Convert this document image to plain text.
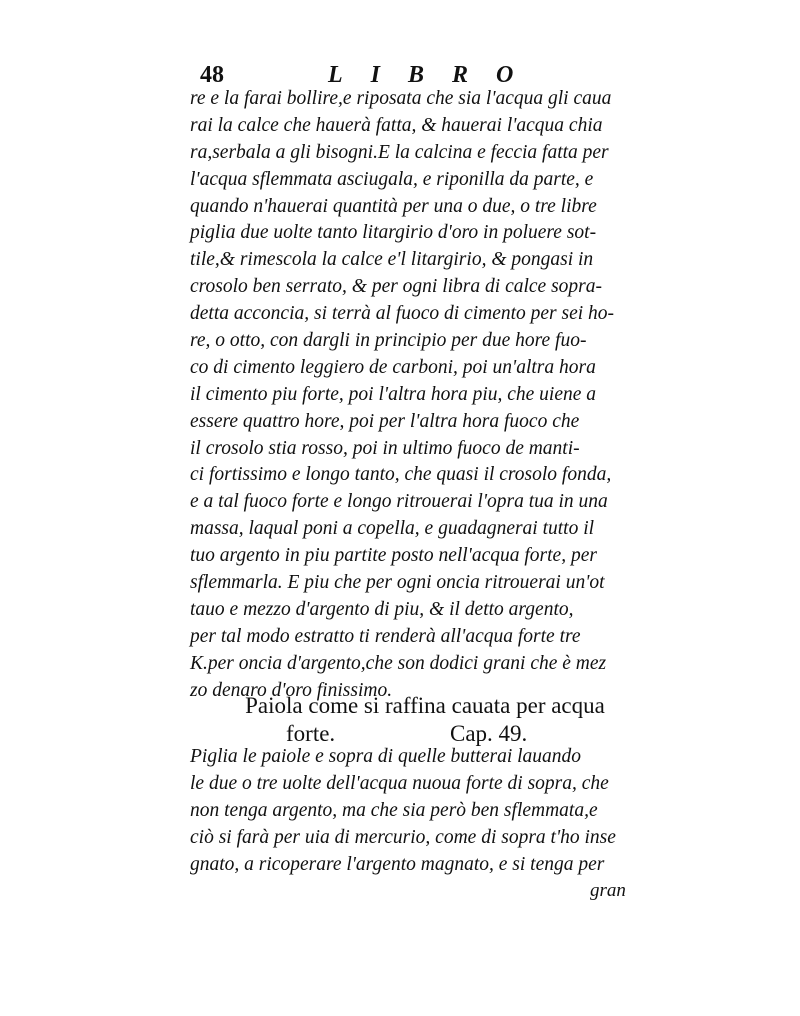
48	LIBRO
re e la farai bollire,e riposata che sia l'acqua gli caua
rai la calce che hauerà fatta, & hauerai l'acqua chia
ra,serbala a gli bisogni.E la calcina e feccia fatta per
l'acqua sflemmata asciugala, e riponilla da parte, e
quando n'hauerai quantità per una o due, o tre libre
piglia due uolte tanto litargirio d'oro in poluere sot-
tile,& rimescola la calce e'l litargirio, & pongasi in
crosolo ben serrato, & per ogni libra di calce sopra-
detta acconcia, si terrà al fuoco di cimento per sei ho-
re, o otto, con dargli in principio per due hore fuo-
co di cimento leggiero de carboni, poi un'altra hora
il cimento piu forte, poi l'altra hora piu, che uiene a
essere quattro hore, poi per l'altra hora fuoco che
il crosolo stia rosso, poi in ultimo fuoco de manti-
ci fortissimo e longo tanto, che quasi il crosolo fonda,
e a tal fuoco forte e longo ritrouerai l'opra tua in una
massa, laqual poni a copella, e guadagnerai tutto il
tuo argento in piu partite posto nell'acqua forte, per
sflemmarla. E piu che per ogni oncia ritrouerai un'ot
tauo e mezzo d'argento di piu, & il detto argento,
per tal modo estratto ti renderà all'acqua forte tre
K.per oncia d'argento,che son dodici grani che è mez
zo denaro d'oro finissimo.
Paiola come si raffina cauata per acqua
forte.	Cap. 49.
Piglia le paiole e sopra di quelle butterai lauando
le due o tre uolte dell'acqua nuoua forte di sopra, che
non tenga argento, ma che sia però ben sflemmata,e
ciò si farà per uia di mercurio, come di sopra t'ho inse
gnato, a ricoperare l'argento magnato, e si tenga per
gran
